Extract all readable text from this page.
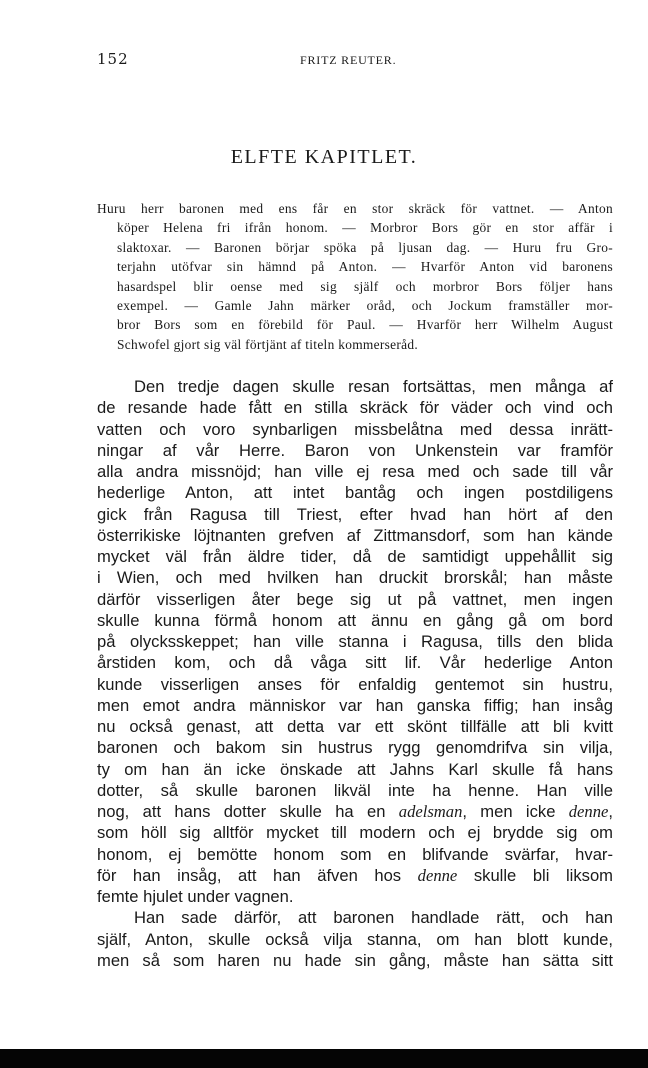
152	FRITZ REUTER.
ELFTE KAPITLET.
Huru herr baronen med ens får en stor skräck för vattnet. — Anton
köper Helena fri ifrån honom. — Morbror Bors gör en stor affär i
slaktoxar. — Baronen börjar spöka på ljusan dag. — Huru fru Gro-
terjahn utöfvar sin hämnd på Anton. — Hvarför Anton vid baronens
hasardspel blir oense med sig själf och morbror Bors följer hans
exempel. — Gamle Jahn märker oråd, och Jockum framställer mor-
bror Bors som en förebild för Paul. — Hvarför herr Wilhelm August
Schwofel gjort sig väl förtjänt af titeln kommerseråd.
Den tredje dagen skulle resan fortsättas, men många af
de resande hade fått en stilla skräck för väder och vind och
vatten och voro synbarligen missbelåtna med dessa inrätt-
ningar af vår Herre. Baron von Unkenstein var framför
alla andra missnöjd; han ville ej resa med och sade till vår
hederlige Anton, att intet bantåg och ingen postdiligens
gick från Ragusa till Triest, efter hvad han hört af den
österrikiske löjtnanten grefven af Zittmansdorf, som han kände
mycket väl från äldre tider, då de samtidigt uppehållit sig
i Wien, och med hvilken han druckit brorskål; han måste
därför visserligen åter bege sig ut på vattnet, men ingen
skulle kunna förmå honom att ännu en gång gå om bord
på olycksskeppet; han ville stanna i Ragusa, tills den blida
årstiden kom, och då våga sitt lif. Vår hederlige Anton
kunde visserligen anses för enfaldig gentemot sin hustru,
men emot andra människor var han ganska fiffig; han insåg
nu också genast, att detta var ett skönt tillfälle att bli kvitt
baronen och bakom sin hustrus rygg genomdrifva sin vilja,
ty om han än icke önskade att Jahns Karl skulle få hans
dotter, så skulle baronen likväl inte ha henne. Han ville
nog, att hans dotter skulle ha en adelsman, men icke denne,
som höll sig alltför mycket till modern och ej brydde sig om
honom, ej bemötte honom som en blifvande svärfar, hvar-
för han insåg, att han äfven hos denne skulle bli liksom
femte hjulet under vagnen.
Han sade därför, att baronen handlade rätt, och han
själf, Anton, skulle också vilja stanna, om han blott kunde,
men så som haren nu hade sin gång, måste han sätta sitt
